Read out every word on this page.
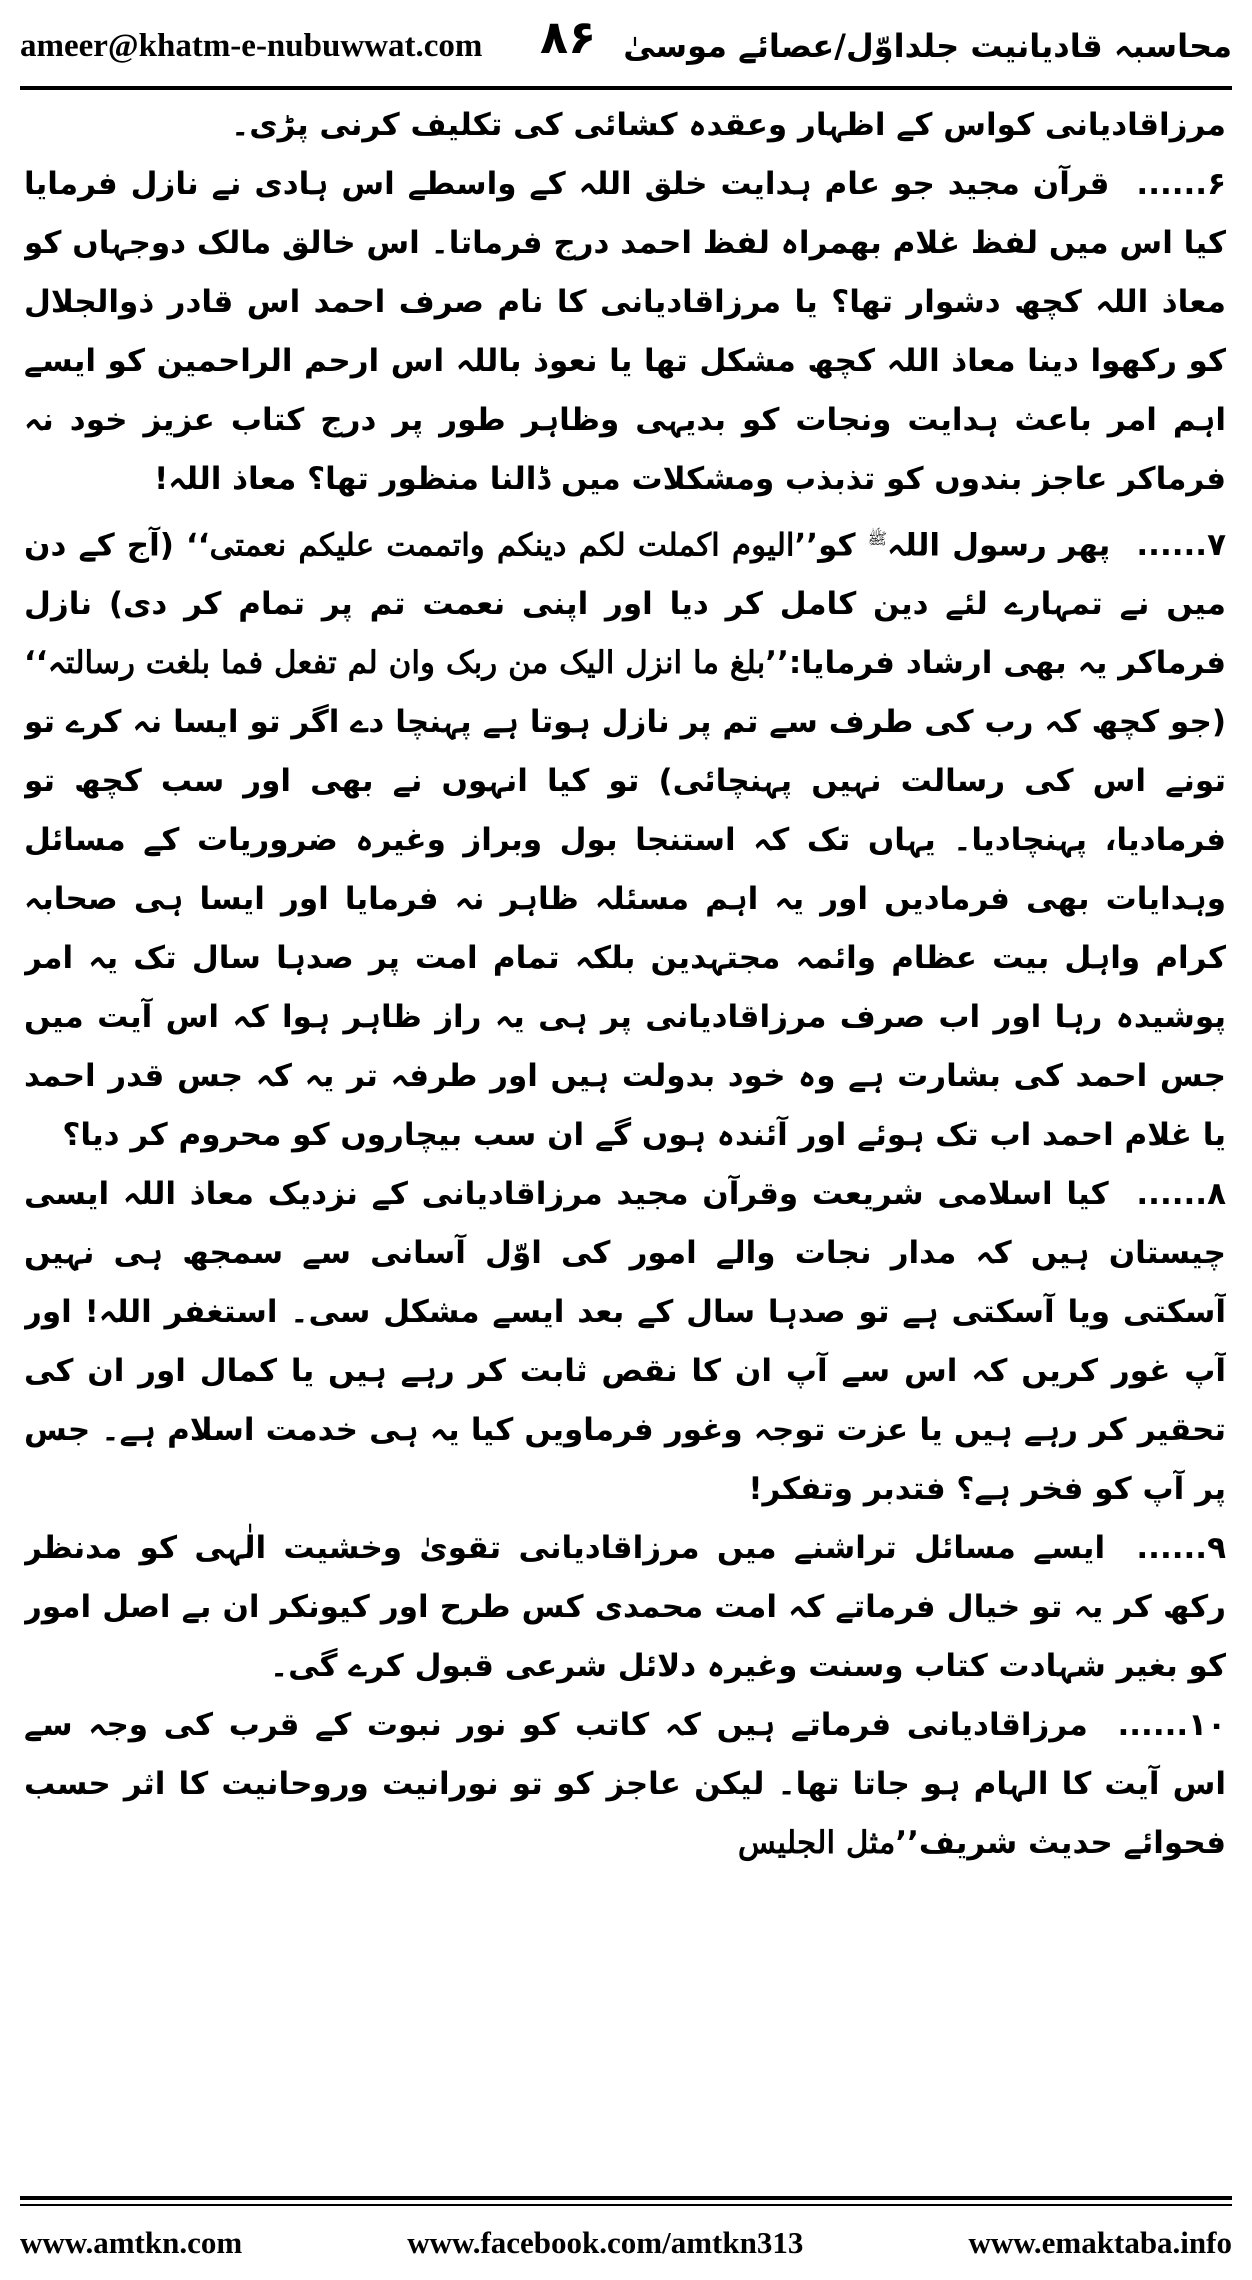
ameer@khatm-e-nubuwwat.com ۸۶ محاسبہ قادیانیت جلداوّل/عصائے موسیٰ

مرزاقادیانی کواس کے اظہار وعقدہ کشائی کی تکلیف کرنی پڑی۔

۶...... قرآن مجید جو عام ہدایت خلق اللہ کے واسطے اس ہادی نے نازل فرمایا کیا اس میں لفظ غلام بھمراہ لفظ احمد درج فرماتا۔ اس خالق مالک دوجہاں کو معاذ اللہ کچھ دشوار تھا؟ یا مرزاقادیانی کا نام صرف احمد اس قادر ذوالجلال کو رکھوا دینا معاذ اللہ کچھ مشکل تھا یا نعوذ باللہ اس ارحم الراحمین کو ایسے اہم امر باعث ہدایت ونجات کو بدیہی وظاہر طور پر درج کتاب عزیز خود نہ فرماکر عاجز بندوں کو تذبذب ومشکلات میں ڈالنا منظور تھا؟ معاذ اللہ!

۷...... پھر رسول اللہ$^ﷺ$ کو’’الیوم اکملت لکم دینکم واتممت علیکم نعمتی‘‘ (آج کے دن میں نے تمہارے لئے دین کامل کر دیا اور اپنی نعمت تم پر تمام کر دی) نازل فرماکر یہ بھی ارشاد فرمایا:’’بلغ ما انزل الیک من ربک وان لم تفعل فما بلغت رسالتہ‘‘ (جو کچھ کہ رب کی طرف سے تم پر نازل ہوتا ہے پہنچا دے اگر تو ایسا نہ کرے تو تونے اس کی رسالت نہیں پہنچائی) تو کیا انہوں نے بھی اور سب کچھ تو فرمادیا، پہنچادیا۔ یہاں تک کہ استنجا بول وبراز وغیرہ ضروریات کے مسائل وہدایات بھی فرمادیں اور یہ اہم مسئلہ ظاہر نہ فرمایا اور ایسا ہی صحابہ کرام واہل بیت عظام وائمہ مجتہدین بلکہ تمام امت پر صدہا سال تک یہ امر پوشیدہ رہا اور اب صرف مرزاقادیانی پر ہی یہ راز ظاہر ہوا کہ اس آیت میں جس احمد کی بشارت ہے وہ خود بدولت ہیں اور طرفہ تر یہ کہ جس قدر احمد یا غلام احمد اب تک ہوئے اور آئندہ ہوں گے ان سب بیچاروں کو محروم کر دیا؟

۸...... کیا اسلامی شریعت وقرآن مجید مرزاقادیانی کے نزدیک معاذ اللہ ایسی چیستان ہیں کہ مدار نجات والے امور کی اوّل آسانی سے سمجھ ہی نہیں آسکتی ویا آسکتی ہے تو صدہا سال کے بعد ایسے مشکل سی۔ استغفر اللہ! اور آپ غور کریں کہ اس سے آپ ان کا نقص ثابت کر رہے ہیں یا کمال اور ان کی تحقیر کر رہے ہیں یا عزت توجہ وغور فرماویں کیا یہ ہی خدمت اسلام ہے۔ جس پر آپ کو فخر ہے؟ فتدبر وتفکر!

۹...... ایسے مسائل تراشنے میں مرزاقادیانی تقویٰ وخشیت الٰہی کو مدنظر رکھ کر یہ تو خیال فرماتے کہ امت محمدی کس طرح اور کیونکر ان بے اصل امور کو بغیر شہادت کتاب وسنت وغیرہ دلائل شرعی قبول کرے گی۔

۱۰...... مرزاقادیانی فرماتے ہیں کہ کاتب کو نور نبوت کے قرب کی وجہ سے اس آیت کا الہام ہو جاتا تھا۔ لیکن عاجز کو تو نورانیت وروحانیت کا اثر حسب فحوائے حدیث شریف’’مثل الجلیس

www.amtkn.com	www.facebook.com/amtkn313	www.emaktaba.info
